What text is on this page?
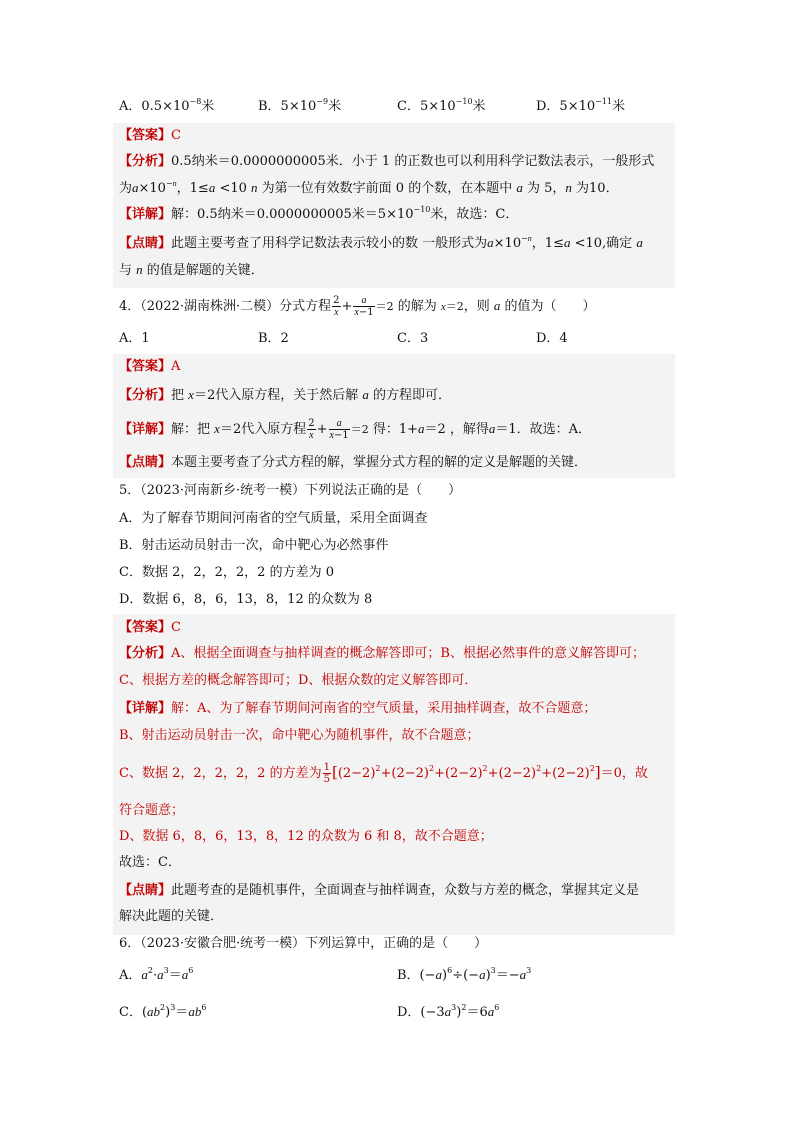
A．$0.5\times 10^{-8}$米	B．$5\times 10^{-9}$米	C．$5\times 10^{-10}$米	D．$5\times 10^{-11}$米
【答案】C
【分析】0.5纳米＝0.0000000005米．小于 1 的正数也可以利用科学记数法表示，一般形式
为$a\times 10^{-n}$，1≤a <10 n 为第一位有效数字前面 0 的个数，在本题中 a 为 5，n 为10．
【详解】解：0.5纳米＝0.0000000005米$=5\times 10^{-10}$米，故选：C．
【点睛】此题主要考查了用科学记数法表示较小的数 一般形式为$a\times 10^{-n}$，1≤a <10,确定 a
与 n 的值是解题的关键．
4．（2022·湖南株洲·二模）分式方程 $\frac{2}{x} + \frac{a}{x-1} =2$ 的解为 x＝2，则 a 的值为（　　）
A．1	B．2	C．3	D．4
【答案】A
【分析】把 x＝2代入原方程，关于然后解 a 的方程即可．
【详解】解：把 x＝2代入原方程 $\frac{2}{x} + \frac{a}{x-1} =2$ 得：1+a＝2 ，解得a＝1．故选：A．
【点睛】本题主要考查了分式方程的解，掌握分式方程的解的定义是解题的关键．
5．（2023·河南新乡·统考一模）下列说法正确的是（　　）
A．为了解春节期间河南省的空气质量，采用全面调查
B．射击运动员射击一次，命中靶心为必然事件
C．数据 2，2，2，2，2 的方差为 0
D．数据 6，8，6，13，8，12 的众数为 8
【答案】C
【分析】A、根据全面调查与抽样调查的概念解答即可；B、根据必然事件的意义解答即可；
C、根据方差的概念解答即可；D、根据众数的定义解答即可．
【详解】解：A、为了解春节期间河南省的空气质量，采用抽样调查，故不合题意；
B、射击运动员射击一次，命中靶心为随机事件，故不合题意；
C、数据 2，2，2，2，2 的方差为 $\frac{1}{5} [(2-2)^2+(2-2)^2+(2-2)^2+(2-2)^2+(2-2)^2]=0$，故
符合题意；
D、数据 6，8，6，13，8，12 的众数为 6 和 8，故不合题意；
故选：C．
【点睛】此题考查的是随机事件，全面调查与抽样调查，众数与方差的概念，掌握其定义是
解决此题的关键．
6．（2023·安徽合肥·统考一模）下列运算中，正确的是（　　）
A．$a^2\cdot a^3=a^6$	B．$(-a)^6\div(-a)^3=-a^3$
C．$(ab^2)^3=ab^6$	D．$(-3a^3)^2=6a^6$
